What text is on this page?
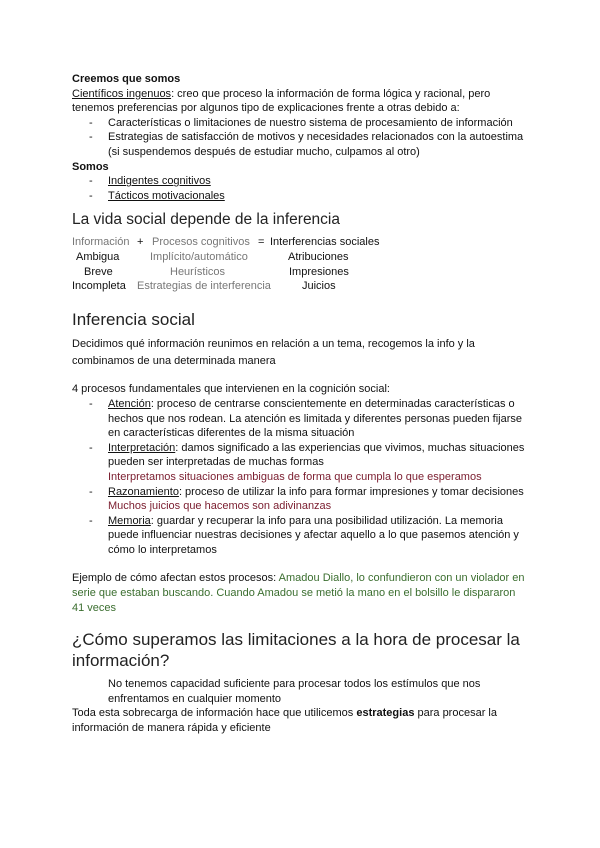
Creemos que somos

Científicos ingenuos: creo que proceso la información de forma lógica y racional, pero
tenemos preferencias por algunos tipo de explicaciones frente a otras debido a:

- Características o limitaciones de nuestro sistema de procesamiento de información
- Estrategias de satisfacción de motivos y necesidades relacionados con la autoestima (si suspendemos después de estudiar mucho, culpamos al otro)
Somos
- Indigentes cognitivos
- Tácticos motivacionales
La vida social depende de la inferencia
Información + Procesos cognitivos = Interferencias sociales
Ambigua	Implícito/automático	Atribuciones
Breve	Heurísticos	Impresiones
Incompleta Estrategias de interferencia	Juicios
Inferencia social

Decidimos qué información reunimos en relación a un tema, recogemos la info y la combinamos de una determinada manera

4 procesos fundamentales que intervienen en la cognición social:

- Atención: proceso de centrarse conscientemente en determinadas características o hechos que nos rodean. La atención es limitada y diferentes personas pueden fijarse en características diferentes de la misma situación
- Interpretación: damos significado a las experiencias que vivimos, muchas situaciones pueden ser interpretadas de muchas formas
Interpretamos situaciones ambiguas de forma que cumpla lo que esperamos
- Razonamiento: proceso de utilizar la info para formar impresiones y tomar decisiones
Muchos juicios que hacemos son adivinanzas
- Memoria: guardar y recuperar la info para una posibilidad utilización. La memoria puede influenciar nuestras decisiones y afectar aquello a lo que pasemos atención y cómo lo interpretamos

Ejemplo de cómo afectan estos procesos: Amadou Diallo, lo confundieron con un violador en serie que estaban buscando. Cuando Amadou se metió la mano en el bolsillo le dispararon 41 veces

¿Cómo superamos las limitaciones a la hora de procesar la información?

No tenemos capacidad suficiente para procesar todos los estímulos que nos enfrentamos en cualquier momento

Toda esta sobrecarga de información hace que utilicemos estrategias para procesar la información de manera rápida y eficiente
